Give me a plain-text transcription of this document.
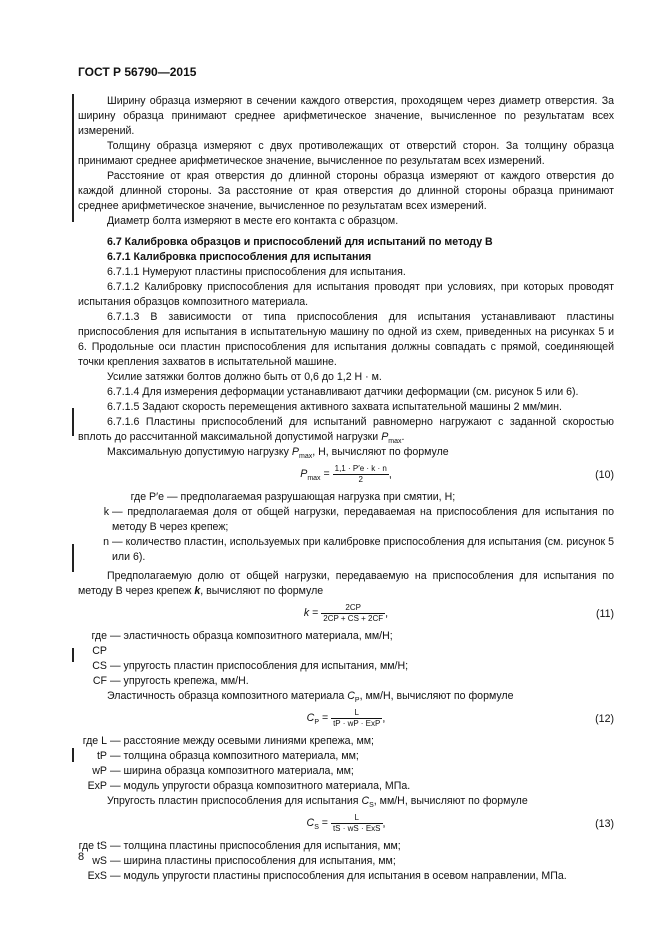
ГОСТ Р 56790—2015
Ширину образца измеряют в сечении каждого отверстия, проходящем через диаметр отверстия. За ширину образца принимают среднее арифметическое значение, вычисленное по результатам всех измерений.
Толщину образца измеряют с двух противолежащих от отверстий сторон. За толщину образца принимают среднее арифметическое значение, вычисленное по результатам всех измерений.
Расстояние от края отверстия до длинной стороны образца измеряют от каждого отверстия до каждой длинной стороны. За расстояние от края отверстия до длинной стороны образца принимают среднее арифметическое значение, вычисленное по результатам всех измерений.
Диаметр болта измеряют в месте его контакта с образцом.
6.7 Калибровка образцов и приспособлений для испытаний по методу В
6.7.1 Калибровка приспособления для испытания
6.7.1.1 Нумеруют пластины приспособления для испытания.
6.7.1.2 Калибровку приспособления для испытания проводят при условиях, при которых проводят испытания образцов композитного материала.
6.7.1.3 В зависимости от типа приспособления для испытания устанавливают пластины приспособления для испытания в испытательную машину по одной из схем, приведенных на рисунках 5 и 6. Продольные оси пластин приспособления для испытания должны совпадать с прямой, соединяющей точки крепления захватов в испытательной машине.
Усилие затяжки болтов должно быть от 0,6 до 1,2 Н · м.
6.7.1.4 Для измерения деформации устанавливают датчики деформации (см. рисунок 5 или 6).
6.7.1.5 Задают скорость перемещения активного захвата испытательной машины 2 мм/мин.
6.7.1.6 Пластины приспособлений для испытаний равномерно нагружают с заданной скоростью вплоть до рассчитанной максимальной допустимой нагрузки $P_{max}$.
Максимальную допустимую нагрузку $P_{max}$, Н, вычисляют по формуле
$P_{max} = \frac{1,1 \cdot P'e \cdot k \cdot n}{2}$ ,	(10)
где P′e — предполагаемая разрушающая нагрузка при смятии, Н;
k — предполагаемая доля от общей нагрузки, передаваемая на приспособления для испытания по методу В через крепеж;
n — количество пластин, используемых при калибровке приспособления для испытания (см. рисунок 5 или 6).
Предполагаемую долю от общей нагрузки, передаваемую на приспособления для испытания по методу В через крепеж k, вычисляют по формуле
$k = \frac{2CP}{2CP + CS + 2CF}$ ,	(11)
где CP
— эластичность образца композитного материала, мм/Н;
CS — упругость пластин приспособления для испытания, мм/Н;
CF — упругость крепежа, мм/Н.
Эластичность образца композитного материала $C_P$, мм/Н, вычисляют по формуле
$C_P = \frac{L}{\text{tP · wP · ExP}}$ ,	(12)
где L — расстояние между осевыми линиями крепежа, мм;
tP — толщина образца композитного материала, мм;
wP — ширина образца композитного материала, мм;
ExP — модуль упругости образца композитного материала, МПа.
Упругость пластин приспособления для испытания $C_S$, мм/Н, вычисляют по формуле
$C_S = \frac{L}{\text{tS · wS · ExS}}$ ,	(13)
где tS — толщина пластины приспособления для испытания, мм;
wS — ширина пластины приспособления для испытания, мм;
ExS — модуль упругости пластины приспособления для испытания в осевом направлении, МПа.
8
